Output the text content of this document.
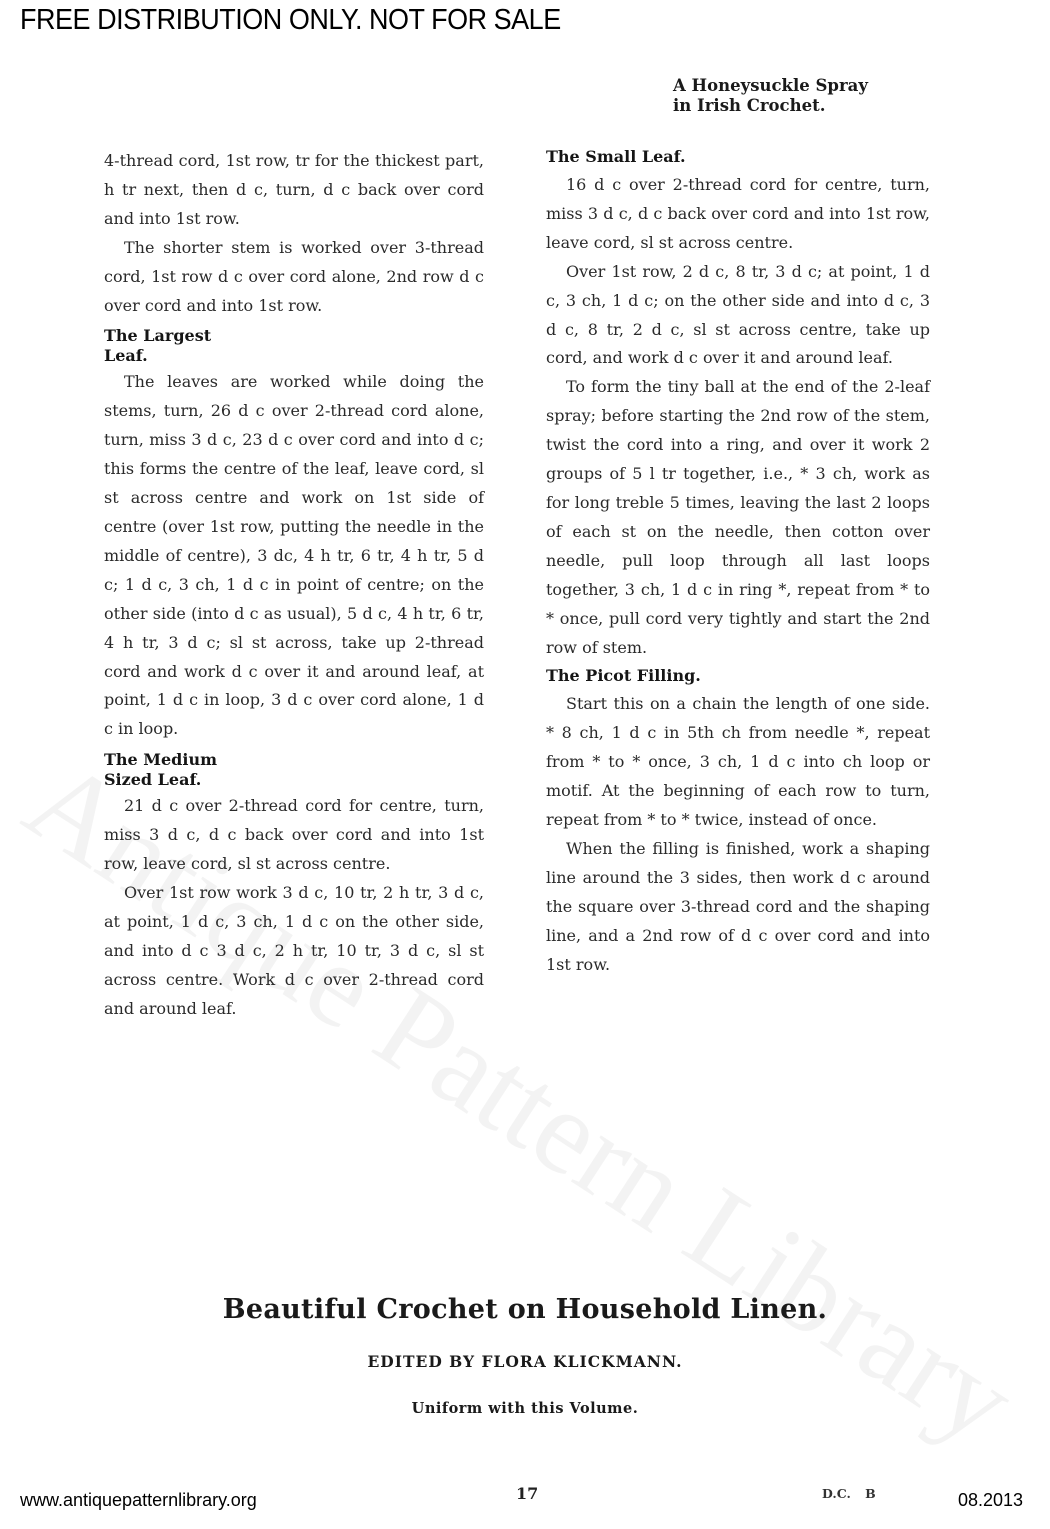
FREE DISTRIBUTION ONLY. NOT FOR SALE
A Honeysuckle Spray
in Irish Crochet.

4-thread cord, 1st row, tr for the thickest part, h tr next, then d c, turn, d c back over cord and into 1st row.

The shorter stem is worked over 3-thread cord, 1st row d c over cord alone, 2nd row d c over cord and into 1st row.

The Largest
Leaf.

The leaves are worked while doing the stems, turn, 26 d c over 2-thread cord alone, turn, miss 3 d c, 23 d c over cord and into d c; this forms the centre of the leaf, leave cord, sl st across centre and work on 1st side of centre (over 1st row, putting the needle in the middle of centre), 3 dc, 4 h tr, 6 tr, 4 h tr, 5 d c; 1 d c, 3 ch, 1 d c in point of centre; on the other side (into d c as usual), 5 d c, 4 h tr, 6 tr, 4 h tr, 3 d c; sl st across, take up 2-thread cord and work d c over it and around leaf, at point, 1 d c in loop, 3 d c over cord alone, 1 d c in loop.

The Medium
Sized Leaf.

21 d c over 2-thread cord for centre, turn, miss 3 d c, d c back over cord and into 1st row, leave cord, sl st across centre.

Over 1st row work 3 d c, 10 tr, 2 h tr, 3 d c, at point, 1 d c, 3 ch, 1 d c on the other side, and into d c 3 d c, 2 h tr, 10 tr, 3 d c, sl st across centre. Work d c over 2-thread cord and around leaf.

The Small Leaf.

16 d c over 2-thread cord for centre, turn, miss 3 d c, d c back over cord and into 1st row, leave cord, sl st across centre.

Over 1st row, 2 d c, 8 tr, 3 d c; at point, 1 d c, 3 ch, 1 d c; on the other side and into d c, 3 d c, 8 tr, 2 d c, sl st across centre, take up cord, and work d c over it and around leaf.

To form the tiny ball at the end of the 2-leaf spray; before starting the 2nd row of the stem, twist the cord into a ring, and over it work 2 groups of 5 l tr together, i.e., * 3 ch, work as for long treble 5 times, leaving the last 2 loops of each st on the needle, then cotton over needle, pull loop through all last loops together, 3 ch, 1 d c in ring *, repeat from * to * once, pull cord very tightly and start the 2nd row of stem.

The Picot Filling.

Start this on a chain the length of one side. * 8 ch, 1 d c in 5th ch from needle *, repeat from * to * once, 3 ch, 1 d c into ch loop or motif. At the beginning of each row to turn, repeat from * to * twice, instead of once.

When the filling is finished, work a shaping line around the 3 sides, then work d c around the square over 3-thread cord and the shaping line, and a 2nd row of d c over cord and into 1st row.

Beautiful Crochet on Household Linen.
EDITED BY FLORA KLICKMANN.
Uniform with this Volume.
www.antiquepatternlibrary.org	17	D.C. B	08.2013
